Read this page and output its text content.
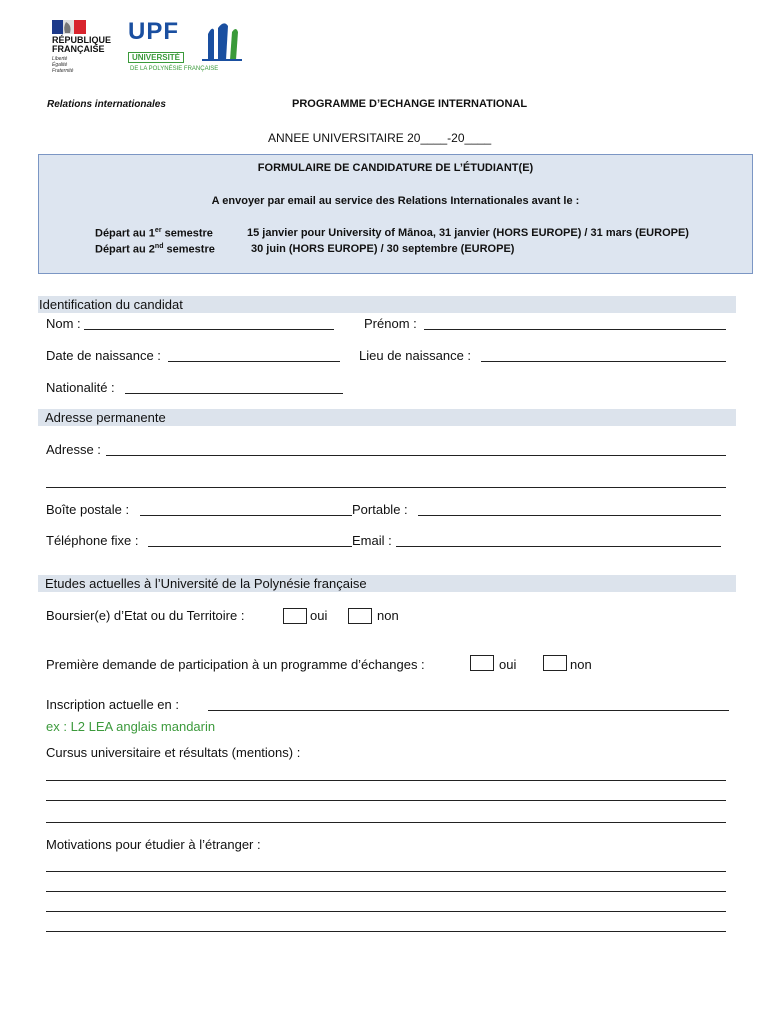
RÉPUBLIQUE
FRANÇAISE
Liberté
Égalité
Fraternité
UPF
UNIVERSITÉ
DE LA POLYNÉSIE FRANÇAISE
Relations internationales	PROGRAMME D’ECHANGE INTERNATIONAL
ANNEE UNIVERSITAIRE 20____-20____
FORMULAIRE DE CANDIDATURE DE L’ÉTUDIANT(E)
A envoyer par email au service des Relations Internationales avant le :
Départ au 1er semestre	15 janvier pour University of Mānoa, 31 janvier (HORS EUROPE) / 31 mars (EUROPE)
Départ au 2nd semestre	30 juin (HORS EUROPE) / 30 septembre (EUROPE)
Identification du candidat
Nom :	Prénom :
Date de naissance :	Lieu de naissance :
Nationalité :
Adresse permanente
Adresse :
Boîte postale :	Portable :
Téléphone fixe :	Email :
Etudes actuelles à l’Université de la Polynésie française
Boursier(e) d’Etat ou du Territoire :	oui	non
Première demande de participation à un programme d’échanges :	oui	non
Inscription actuelle en :
ex : L2 LEA anglais mandarin
Cursus universitaire et résultats (mentions) :
Motivations pour étudier à l’étranger :
